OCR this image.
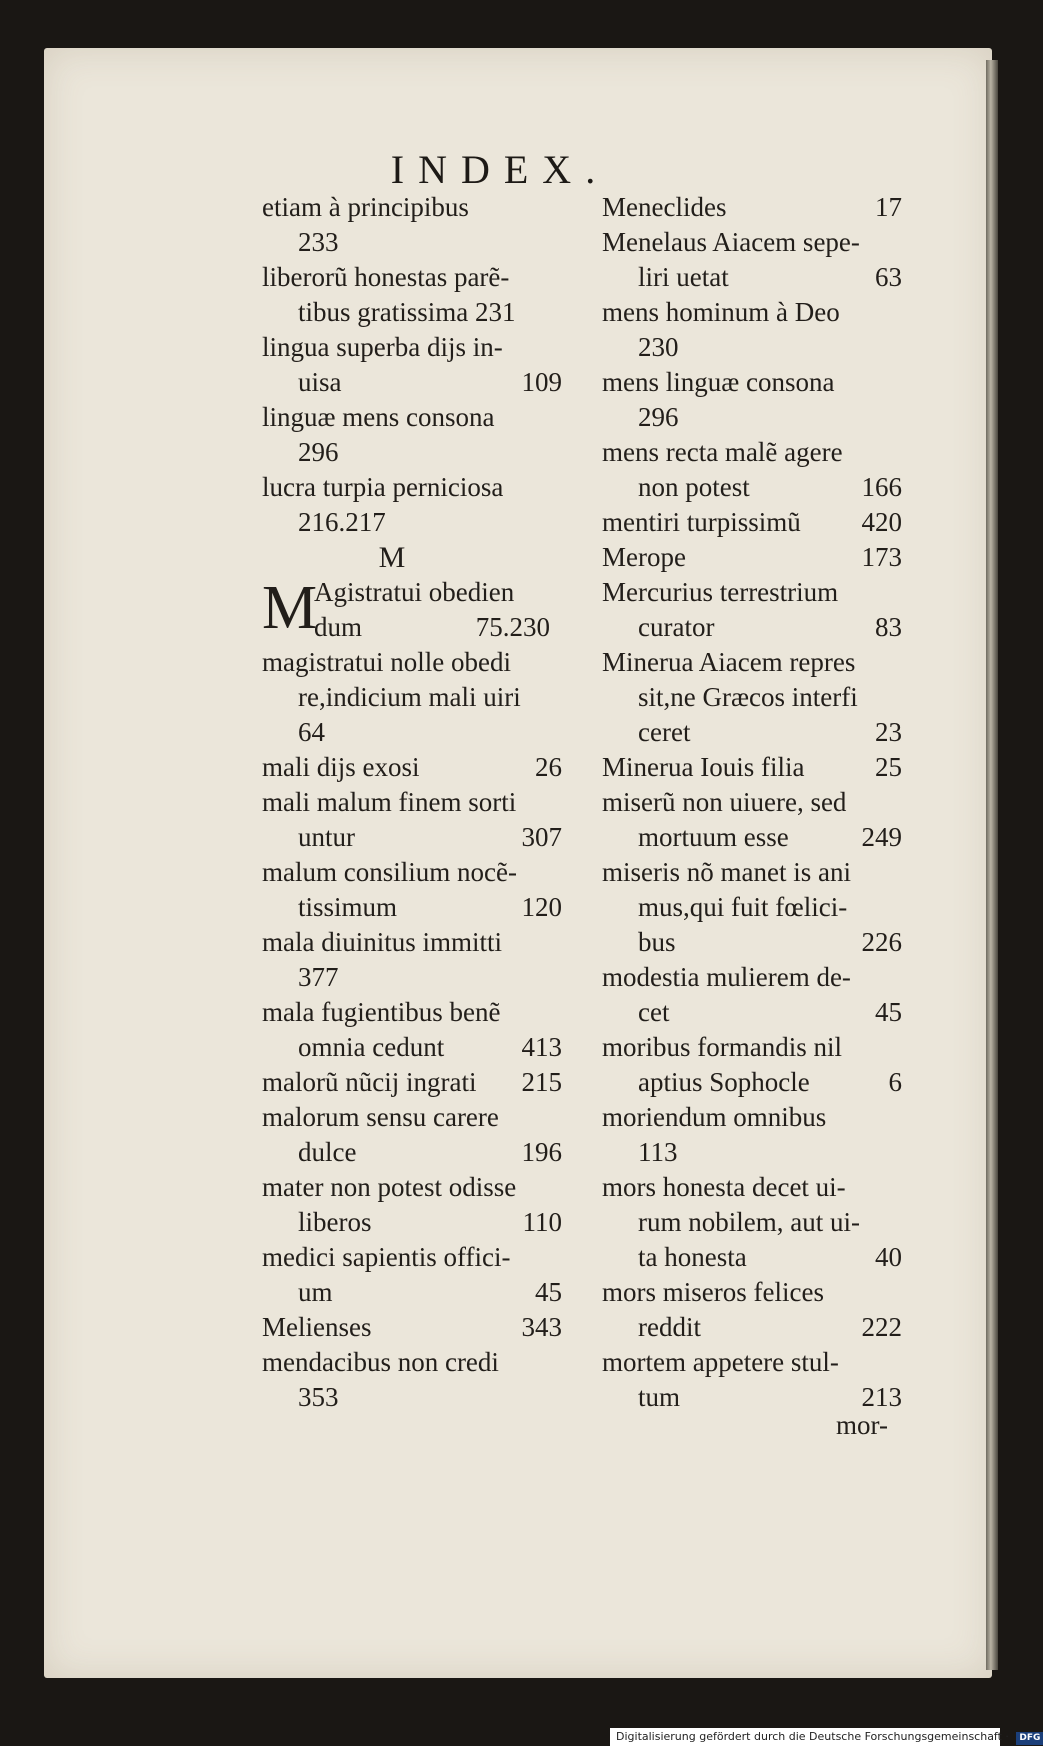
INDEX.
etiam à principibus
233
liberorũ honestas parẽ-
tibus gratissima 231
lingua superba dijs in-
uisa	109
linguæ mens consona
296
lucra turpia perniciosa
216.217
M
M
Agistratui obedien
dum	75.230
magistratui nolle obedi
re,indicium mali uiri
64
mali dijs exosi	26
mali malum finem sorti
untur	307
malum consilium nocẽ-
tissimum	120
mala diuinitus immitti
377
mala fugientibus benẽ
omnia cedunt	413
malorũ nũcij ingrati 215
malorum sensu carere
dulce	196
mater non potest odisse
liberos	110
medici sapientis offici-
um	45
Melienses	343
mendacibus non credi
353
Meneclides	17
Menelaus Aiacem sepe-
liri uetat	63
mens hominum à Deo
230
mens linguæ consona
296
mens recta malẽ agere
non potest	166
mentiri turpissimũ 420
Merope	173
Mercurius terrestrium
curator	83
Minerua Aiacem repres
sit,ne Græcos interfi
ceret	23
Minerua Iouis filia	25
miserũ non uiuere, sed
mortuum esse	249
miseris nõ manet is ani
mus,qui fuit fœlici-
bus	226
modestia mulierem de-
cet	45
moribus formandis nil
aptius Sophocle	6
moriendum omnibus
113
mors honesta decet ui-
rum nobilem, aut ui-
ta honesta	40
mors miseros felices
reddit	222
mortem appetere stul-
tum	213
mor-
Digitalisierung gefördert durch die Deutsche Forschungsgemeinschaft · DFG
